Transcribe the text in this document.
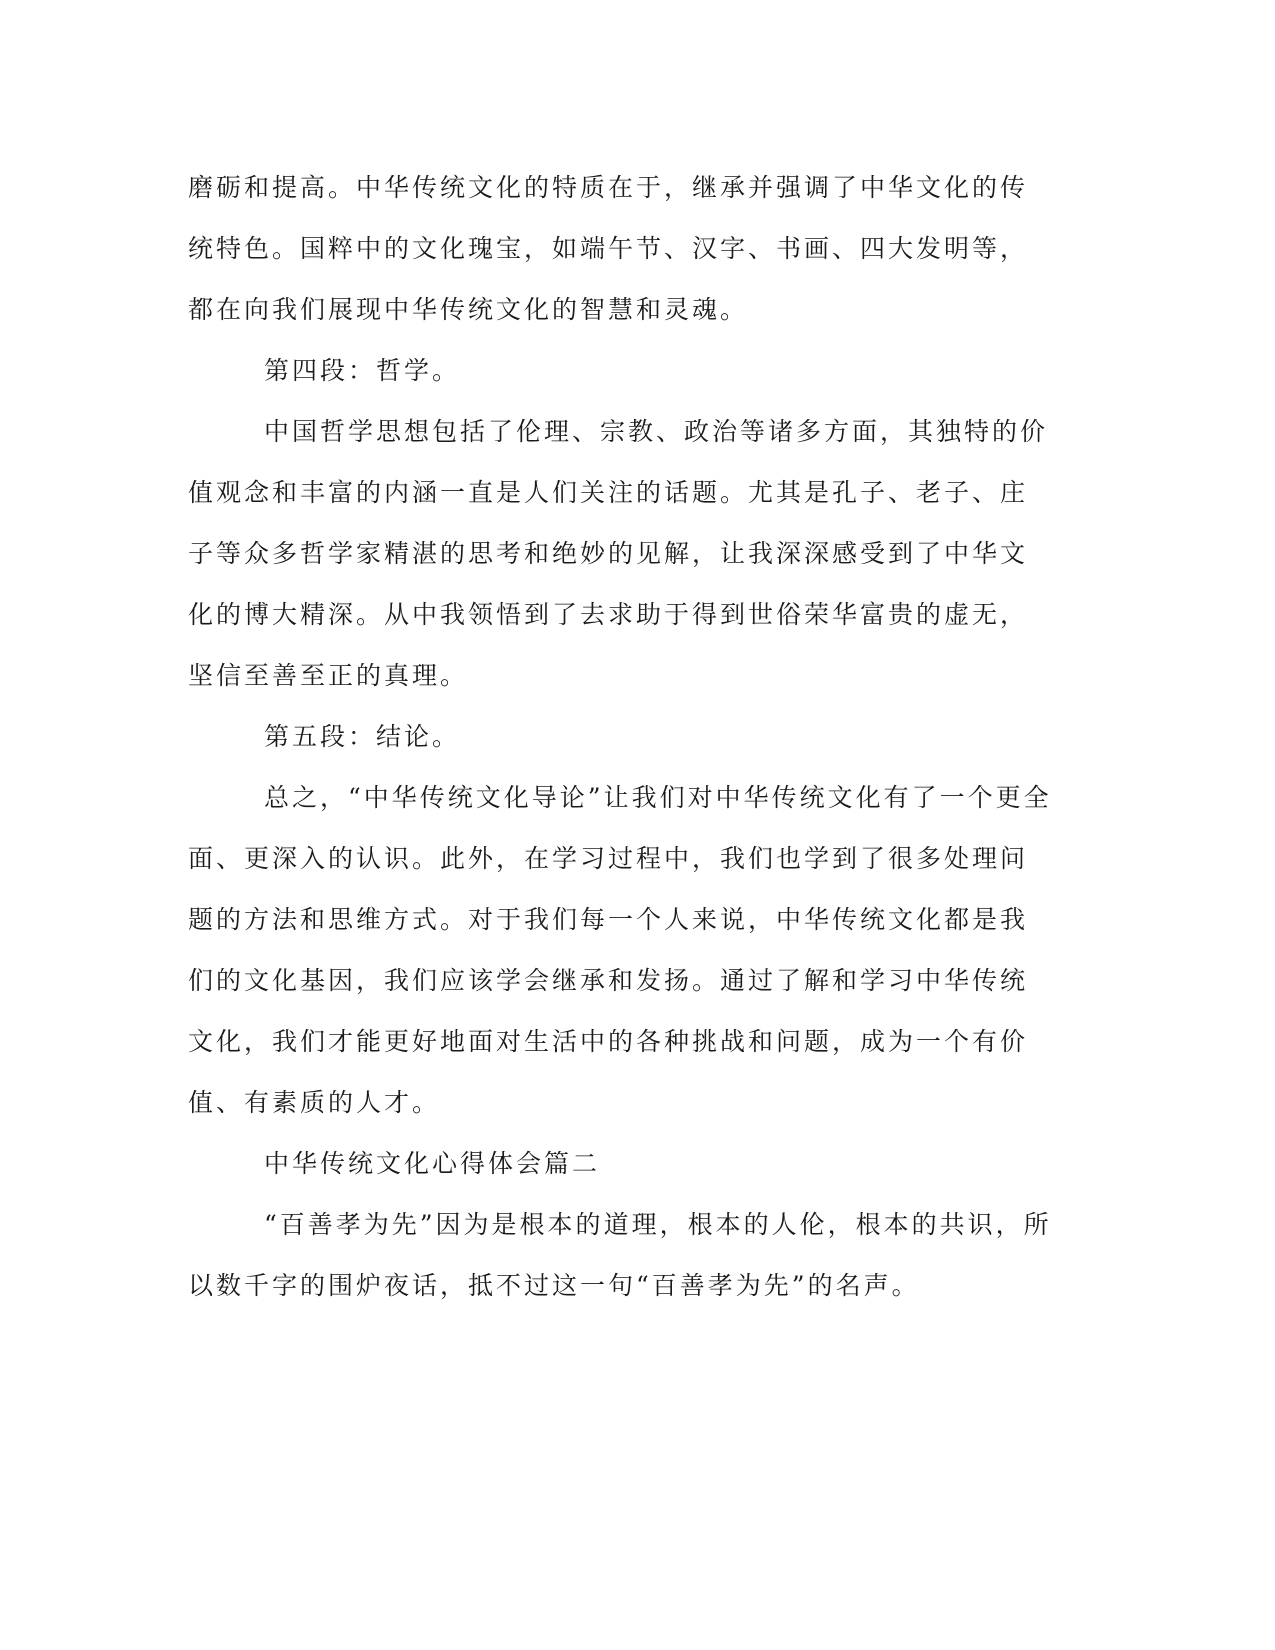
磨砺和提高。中华传统文化的特质在于，继承并强调了中华文化的传
统特色。国粹中的文化瑰宝，如端午节、汉字、书画、四大发明等，
都在向我们展现中华传统文化的智慧和灵魂。
第四段：哲学。
中国哲学思想包括了伦理、宗教、政治等诸多方面，其独特的价
值观念和丰富的内涵一直是人们关注的话题。尤其是孔子、老子、庄
子等众多哲学家精湛的思考和绝妙的见解，让我深深感受到了中华文
化的博大精深。从中我领悟到了去求助于得到世俗荣华富贵的虚无，
坚信至善至正的真理。
第五段：结论。
总之，“中华传统文化导论”让我们对中华传统文化有了一个更全
面、更深入的认识。此外，在学习过程中，我们也学到了很多处理问
题的方法和思维方式。对于我们每一个人来说，中华传统文化都是我
们的文化基因，我们应该学会继承和发扬。通过了解和学习中华传统
文化，我们才能更好地面对生活中的各种挑战和问题，成为一个有价
值、有素质的人才。
中华传统文化心得体会篇二
“百善孝为先”因为是根本的道理，根本的人伦，根本的共识，所
以数千字的围炉夜话，抵不过这一句“百善孝为先”的名声。
